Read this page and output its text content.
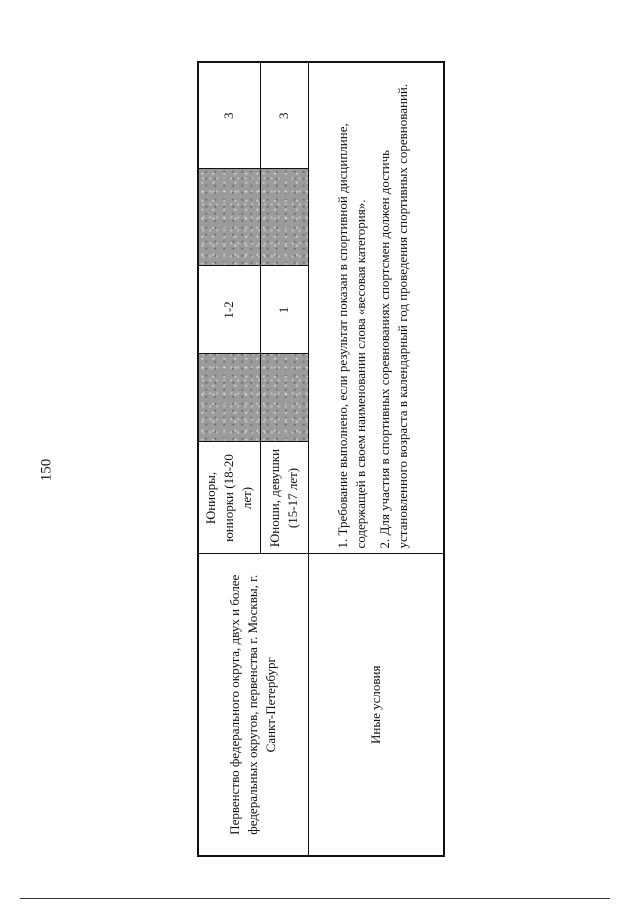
150
Первенство федерального округа, двух и более федеральных округов, первенства г. Москвы, г. Санкт-Петербург	Юниоры, юниорки (18-20 лет)		1-2		3
	Юноши, девушки (15-17 лет)		1		3
Иные условия	1. Требование выполнено, если результат показан в спортивной дисциплине, содержащей в своем наименовании слова «весовая категория». 2. Для участия в спортивных соревнованиях спортсмен должен достичь установленного возраста в календарный год проведения спортивных соревнований.				
